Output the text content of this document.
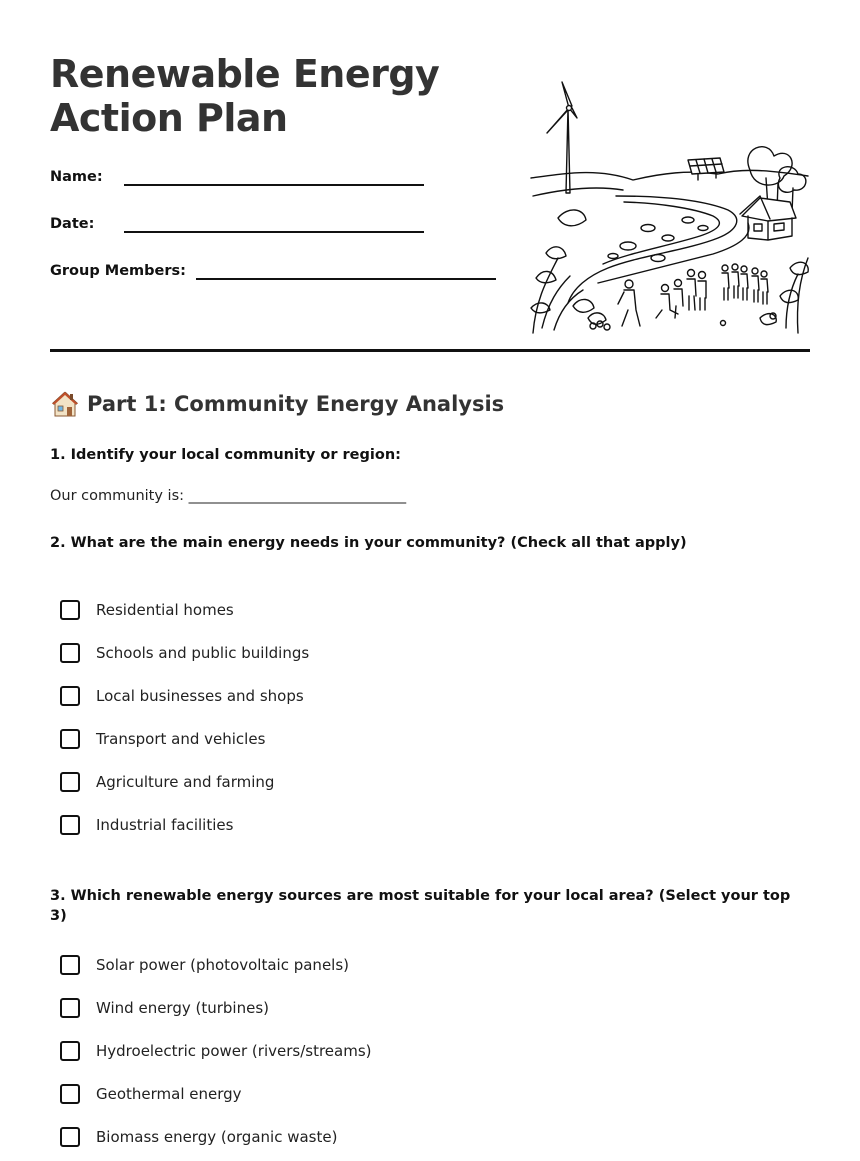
Renewable Energy
Action Plan
Name:
Date:
Group Members:
Part 1: Community Energy Analysis

1. Identify your local community or region:

Our community is: ______________________________

2. What are the main energy needs in your community? (Check all that apply)

Residential homes
Schools and public buildings
Local businesses and shops
Transport and vehicles
Agriculture and farming
Industrial facilities

3. Which renewable energy sources are most suitable for your local area? (Select your top 3)

Solar power (photovoltaic panels)
Wind energy (turbines)
Hydroelectric power (rivers/streams)
Geothermal energy
Biomass energy (organic waste)
